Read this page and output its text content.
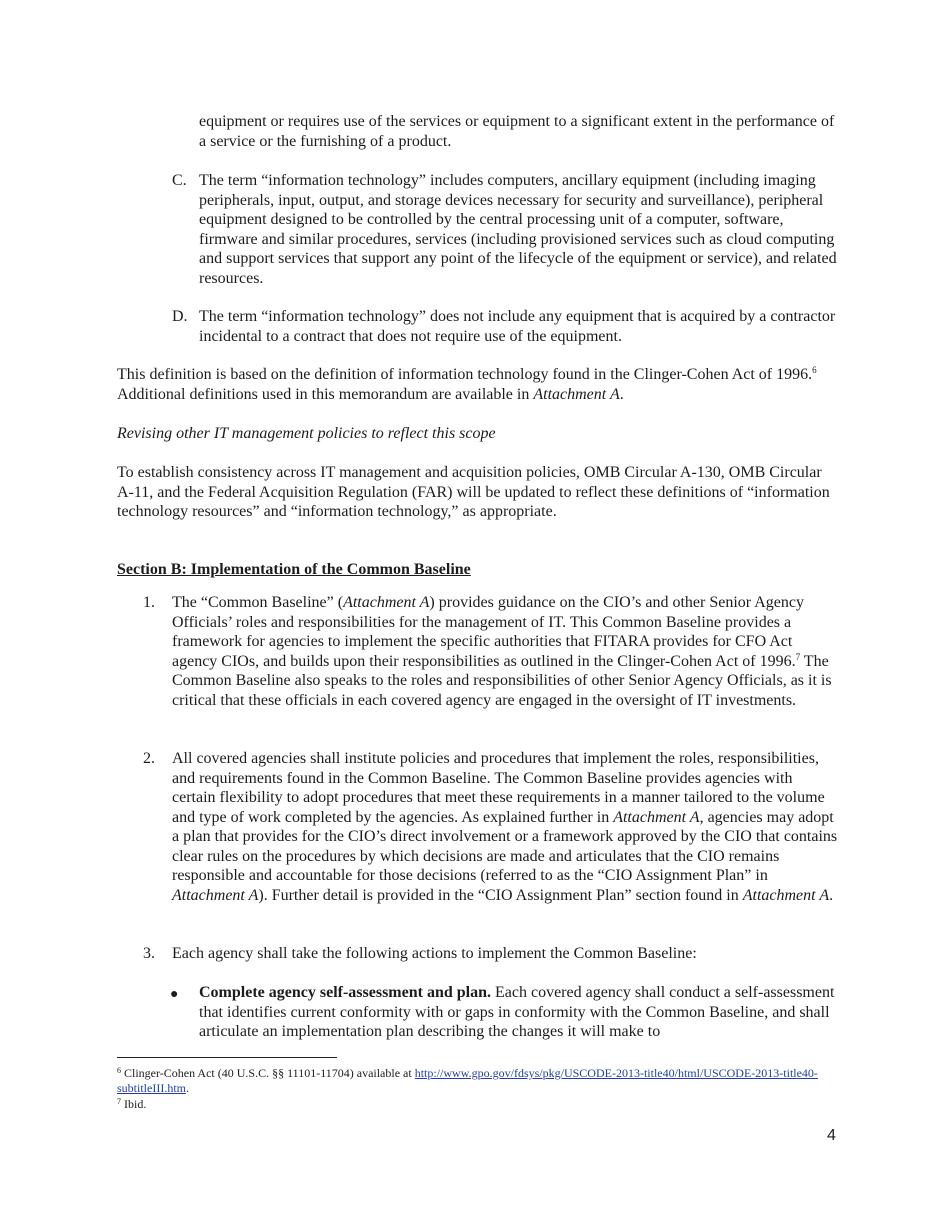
equipment or requires use of the services or equipment to a significant extent in the performance of a service or the furnishing of a product.

C. The term “information technology” includes computers, ancillary equipment (including imaging peripherals, input, output, and storage devices necessary for security and surveillance), peripheral equipment designed to be controlled by the central processing unit of a computer, software, firmware and similar procedures, services (including provisioned services such as cloud computing and support services that support any point of the lifecycle of the equipment or service), and related resources.

D. The term “information technology” does not include any equipment that is acquired by a contractor incidental to a contract that does not require use of the equipment.

This definition is based on the definition of information technology found in the Clinger-Cohen Act of 1996.$^6$ Additional definitions used in this memorandum are available in Attachment A.

Revising other IT management policies to reflect this scope

To establish consistency across IT management and acquisition policies, OMB Circular A-130, OMB Circular A-11, and the Federal Acquisition Regulation (FAR) will be updated to reflect these definitions of “information technology resources” and “information technology,” as appropriate.

Section B: Implementation of the Common Baseline
1. The “Common Baseline” (Attachment A) provides guidance on the CIO’s and other Senior Agency Officials’ roles and responsibilities for the management of IT. This Common Baseline provides a framework for agencies to implement the specific authorities that FITARA provides for CFO Act agency CIOs, and builds upon their responsibilities as outlined in the Clinger-Cohen Act of 1996.$^7$ The Common Baseline also speaks to the roles and responsibilities of other Senior Agency Officials, as it is critical that these officials in each covered agency are engaged in the oversight of IT investments.

2. All covered agencies shall institute policies and procedures that implement the roles, responsibilities, and requirements found in the Common Baseline. The Common Baseline provides agencies with certain flexibility to adopt procedures that meet these requirements in a manner tailored to the volume and type of work completed by the agencies. As explained further in Attachment A, agencies may adopt a plan that provides for the CIO’s direct involvement or a framework approved by the CIO that contains clear rules on the procedures by which decisions are made and articulates that the CIO remains responsible and accountable for those decisions (referred to as the “CIO Assignment Plan” in Attachment A). Further detail is provided in the “CIO Assignment Plan” section found in Attachment A.

3. Each agency shall take the following actions to implement the Common Baseline:

● Complete agency self-assessment and plan. Each covered agency shall conduct a self-assessment that identifies current conformity with or gaps in conformity with the Common Baseline, and shall articulate an implementation plan describing the changes it will make to

$^6$ Clinger-Cohen Act (40 U.S.C. §§ 11101-11704) available at http://www.gpo.gov/fdsys/pkg/USCODE-2013-title40/html/USCODE-2013-title40-subtitleIII.htm.
$^7$ Ibid.
4
